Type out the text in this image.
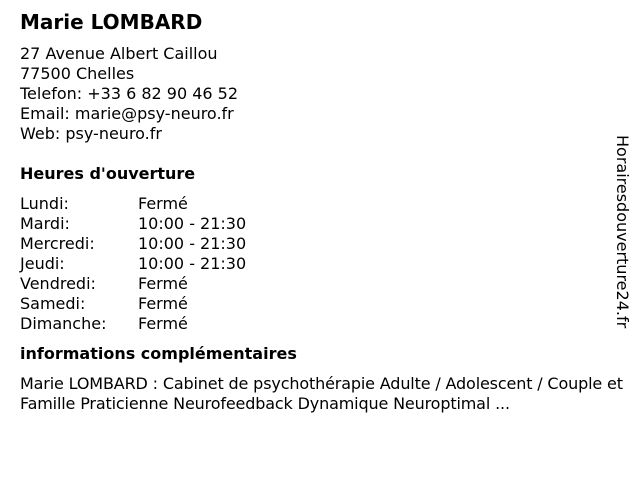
Marie LOMBARD
27 Avenue Albert Caillou
77500 Chelles
Telefon: +33 6 82 90 46 52
Email: marie@psy-neuro.fr
Web: psy-neuro.fr
Heures d'ouverture
Lundi:	Fermé
Mardi:	10:00 - 21:30
Mercredi:	10:00 - 21:30
Jeudi:	10:00 - 21:30
Vendredi:	Fermé
Samedi:	Fermé
Dimanche:	Fermé
informations complémentaires
Marie LOMBARD : Cabinet de psychothérapie Adulte / Adolescent / Couple et Famille Praticienne Neurofeedback Dynamique Neuroptimal ...
Horairesdouverture24.fr
